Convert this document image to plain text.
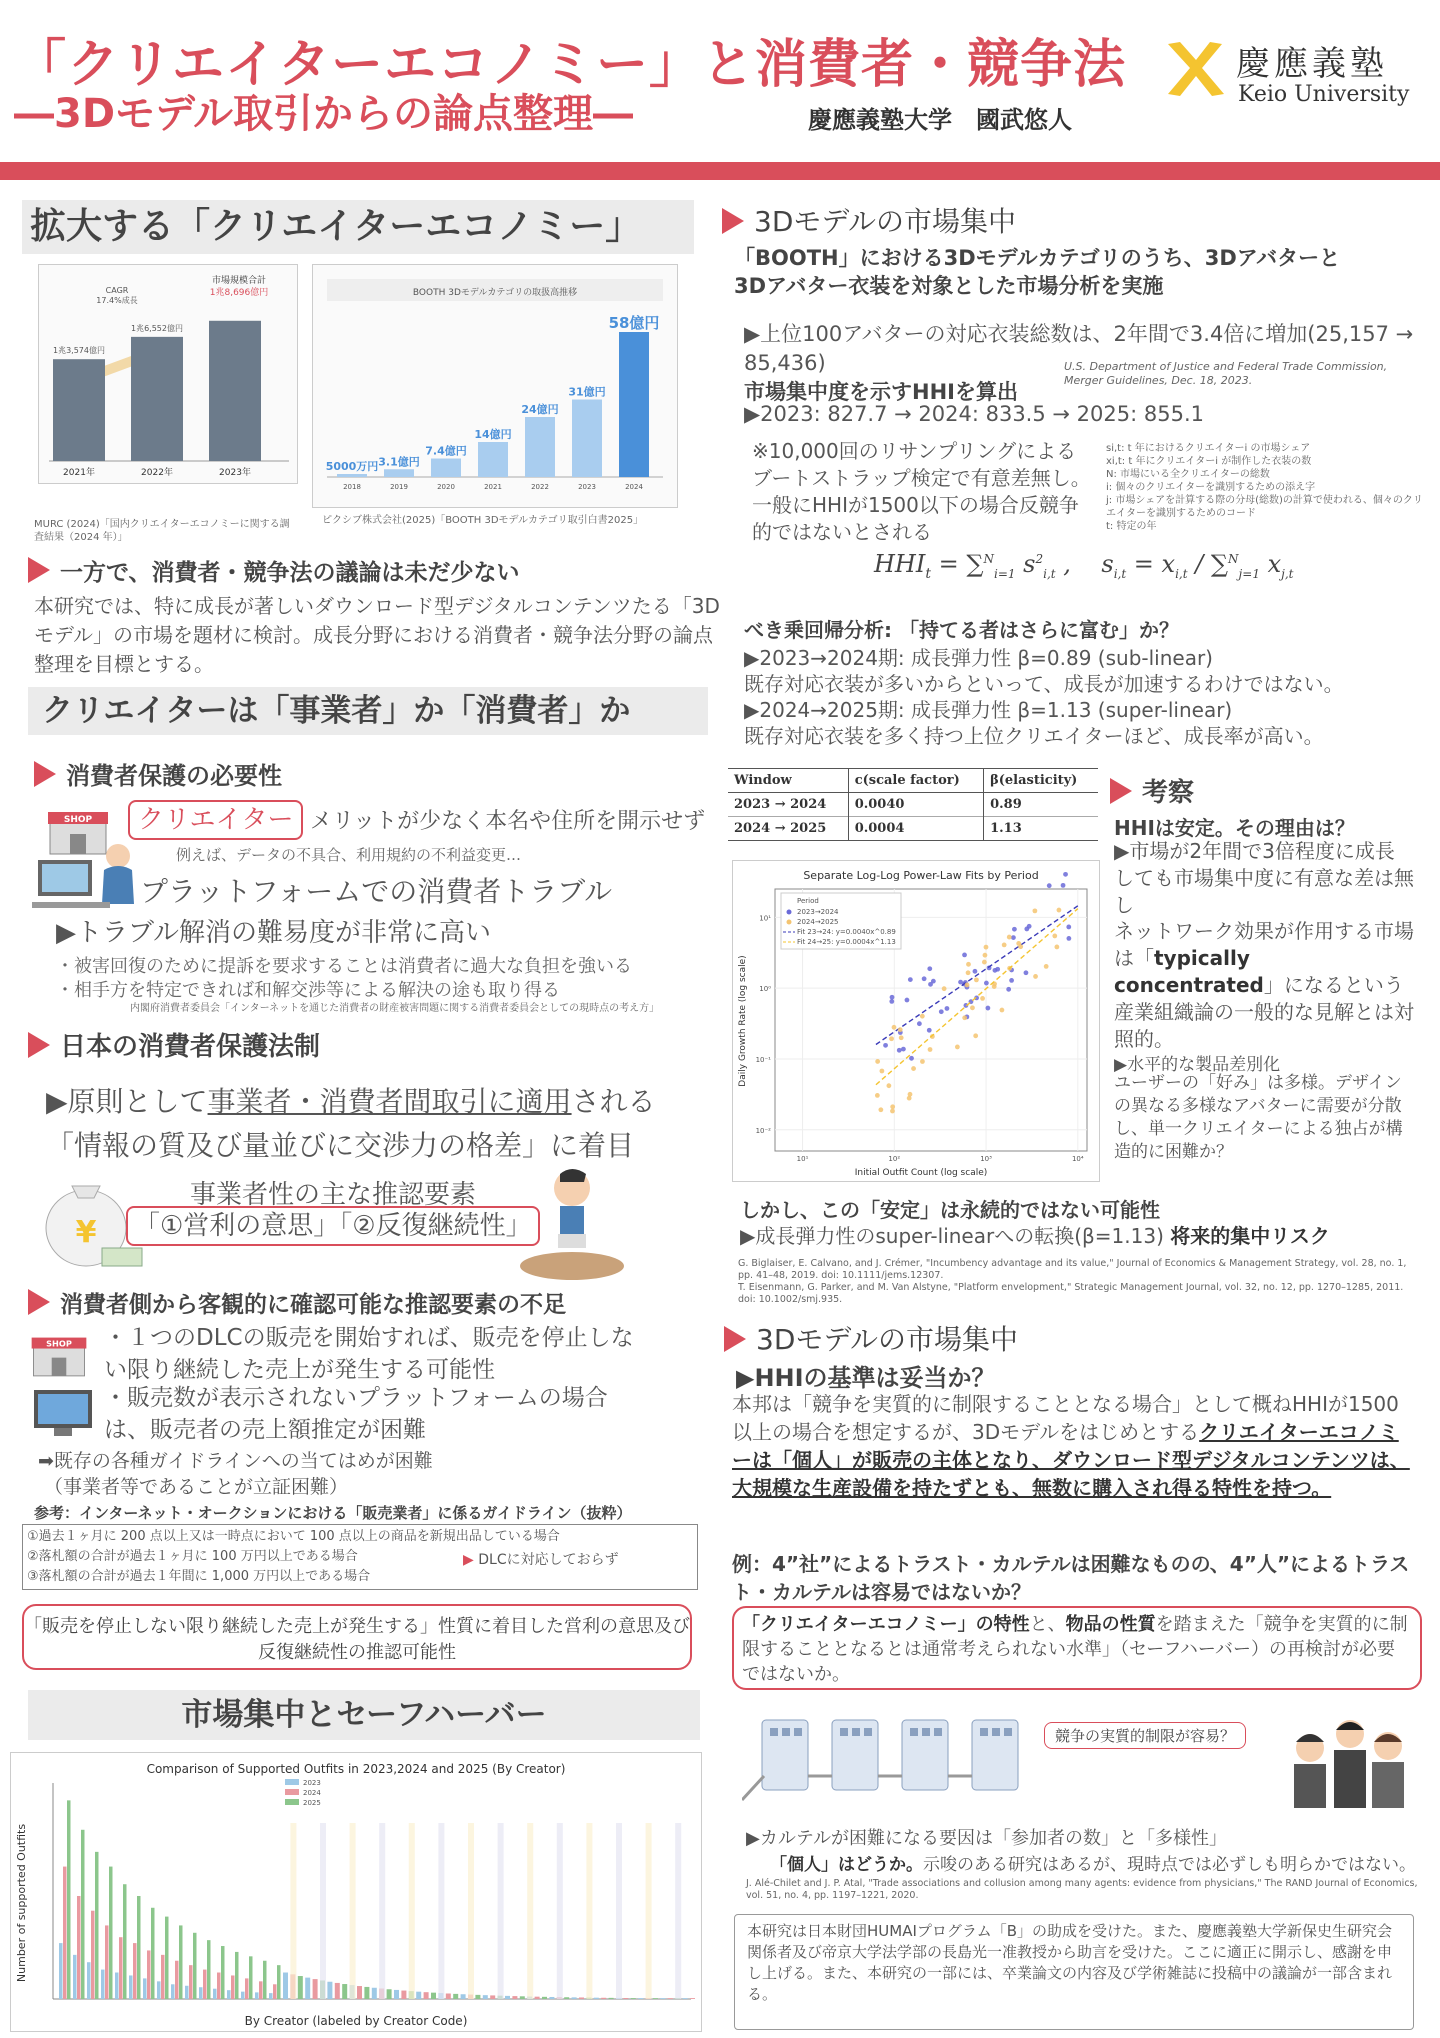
「クリエイターエコノミー」と消費者・競争法
―3Dモデル取引からの論点整理―	慶應義塾大学　國武悠人
慶應義塾
Keio University
拡大する「クリエイターエコノミー」
CAGR
17.4%成長
市場規模合計
1兆8,696億円
2021年
1兆3,574億円
2022年
1兆6,552億円
2023年
MURC (2024)「国内クリエイターエコノミーに関する調査結果（2024 年）」
BOOTH 3Dモデルカテゴリの取扱高推移
2018
5000万円
2019
3.1億円
2020
7.4億円
2021
14億円
2022
24億円
2023
31億円
2024
58億円
ピクシブ株式会社(2025)「BOOTH 3Dモデルカテゴリ取引白書2025」
一方で、消費者・競争法の議論は未だ少ない
本研究では、特に成長が著しいダウンロード型デジタルコンテンツたる「3Dモデル」の市場を題材に検討。成長分野における消費者・競争法分野の論点整理を目標とする。
クリエイターは「事業者」か「消費者」か
消費者保護の必要性
SHOP	クリエイター メリットが少なく本名や住所を開示せず
例えば、データの不具合、利用規約の不利益変更…
プラットフォームでの消費者トラブル
▶トラブル解消の難易度が非常に高い
・被害回復のために提訴を要求することは消費者に過大な負担を強いる
・相手方を特定できれば和解交渉等による解決の途も取り得る
内閣府消費者委員会「インターネットを通じた消費者の財産被害問題に関する消費者委員会としての現時点の考え方」
日本の消費者保護法制
▶原則として事業者・消費者間取引に適用される
「情報の質及び量並びに交渉力の格差」に着目
¥
事業者性の主な推認要素
「①営利の意思」「②反復継続性」
消費者側から客観的に確認可能な推認要素の不足
SHOP ・１つのDLCの販売を開始すれば、販売を停止しない限り継続した売上が発生する可能性
・販売数が表示されないプラットフォームの場合は、販売者の売上額推定が困難
➡既存の各種ガイドラインへの当てはめが困難
（事業者等であることが立証困難）
参考：インターネット・オークションにおける「販売業者」に係るガイドライン（抜粋）
①過去１ヶ月に 200 点以上又は一時点において 100 点以上の商品を新規出品している場合
②落札額の合計が過去１ヶ月に 100 万円以上である場合
③落札額の合計が過去１年間に 1,000 万円以上である場合
▶ DLCに対応しておらず
「販売を停止しない限り継続した売上が発生する」性質に着目した営利の意思及び反復継続性の推認可能性
市場集中とセーフハーバー
Comparison of Supported Outfits in 2023,2024 and 2025 (By Creator)
By Creator (labeled by Creator Code)
Number of supported Outfits
2023
2024
2025
3Dモデルの市場集中
「BOOTH」における3Dモデルカテゴリのうち、3Dアバターと3Dアバター衣装を対象とした市場分析を実施
▶上位100アバターの対応衣装総数は、2年間で3.4倍に増加(25,157 → 85,436)	U.S. Department of Justice and Federal Trade Commission, Merger Guidelines, Dec. 18, 2023.
市場集中度を示すHHIを算出
▶2023: 827.7 → 2024: 833.5 → 2025: 855.1
※10,000回のリサンプリングによるブートストラップ検定で有意差無し。一般にHHIが1500以下の場合反競争的ではないとされる
si,t: t 年におけるクリエイターi の市場シェア
xi,t: t 年にクリエイターi が制作した衣装の数
N: 市場にいる全クリエイターの総数
i: 個々のクリエイターを識別するための添え字
j: 市場シェアを計算する際の分母(総数)の計算で使われる、個々のクリエイターを識別するためのコード
t: 特定の年
$HHI_t = \sum^N_{i=1}$ $s^2_{i,t}$ ,    $s_{i,t} = x_{i,t} / \sum^N_{j=1}$ $x_{j,t}$
べき乗回帰分析: 「持てる者はさらに富む」か？
▶2023→2024期: 成長弾力性 β=0.89 (sub-linear)
既存対応衣装が多いからといって、成長が加速するわけではない。
▶2024→2025期: 成長弾力性 β=1.13 (super-linear)
既存対応衣装を多く持つ上位クリエイターほど、成長率が高い。
Window	c(scale factor)	β(elasticity)
2023 → 2024	0.0040	0.89
2024 → 2025	0.0004	1.13
Separate Log-Log Power-Law Fits by Period
Initial Outfit Count (log scale)
Daily Growth Rate (log scale)
10¹	10²	10³	10⁴
10¹
10⁰
10⁻¹
10⁻²
Period
2023→2024
2024→2025
Fit 23→24: y=0.0040x^0.89
Fit 24→25: y=0.0004x^1.13
考察
HHIは安定。その理由は？
▶市場が2年間で3倍程度に成長しても市場集中度に有意な差は無し
ネットワーク効果が作用する市場は「typically concentrated」になるという産業組織論の一般的な見解とは対照的。
▶水平的な製品差別化
ユーザーの「好み」は多様。デザインの異なる多様なアバターに需要が分散し、単一クリエイターによる独占が構造的に困難か？
しかし、この「安定」は永続的ではない可能性
▶成長弾力性のsuper-linearへの転換(β=1.13) 将来的集中リスク
G. Biglaiser, E. Calvano, and J. Crémer, "Incumbency advantage and its value," Journal of Economics & Management Strategy, vol. 28, no. 1, pp. 41–48, 2019. doi: 10.1111/jems.12307.
T. Eisenmann, G. Parker, and M. Van Alstyne, "Platform envelopment," Strategic Management Journal, vol. 32, no. 12, pp. 1270–1285, 2011. doi: 10.1002/smj.935.
3Dモデルの市場集中
▶HHIの基準は妥当か？
本邦は「競争を実質的に制限することとなる場合」として概ねHHIが1500以上の場合を想定するが、3Dモデルをはじめとするクリエイターエコノミーは「個人」が販売の主体となり、ダウンロード型デジタルコンテンツは、大規模な生産設備を持たずとも、無数に購入され得る特性を持つ。
例：4”社”によるトラスト・カルテルは困難なものの、4”人”によるトラスト・カルテルは容易ではないか？
「クリエイターエコノミー」の特性と、物品の性質を踏まえた「競争を実質的に制限することとなるとは通常考えられない水準」（セーフハーバー）の再検討が必要ではないか。
競争の実質的制限が容易？
▶カルテルが困難になる要因は「参加者の数」と「多様性」
「個人」はどうか。示唆のある研究はあるが、現時点では必ずしも明らかではない。
J. Alé-Chilet and J. P. Atal, "Trade associations and collusion among many agents: evidence from physicians," The RAND Journal of Economics, vol. 51, no. 4, pp. 1197–1221, 2020.
本研究は日本財団HUMAIプログラム「B」の助成を受けた。また、慶應義塾大学新保史生研究会関係者及び帝京大学法学部の長島光一准教授から助言を受けた。ここに適正に開示し、感謝を申し上げる。また、本研究の一部には、卒業論文の内容及び学術雑誌に投稿中の議論が一部含まれる。
